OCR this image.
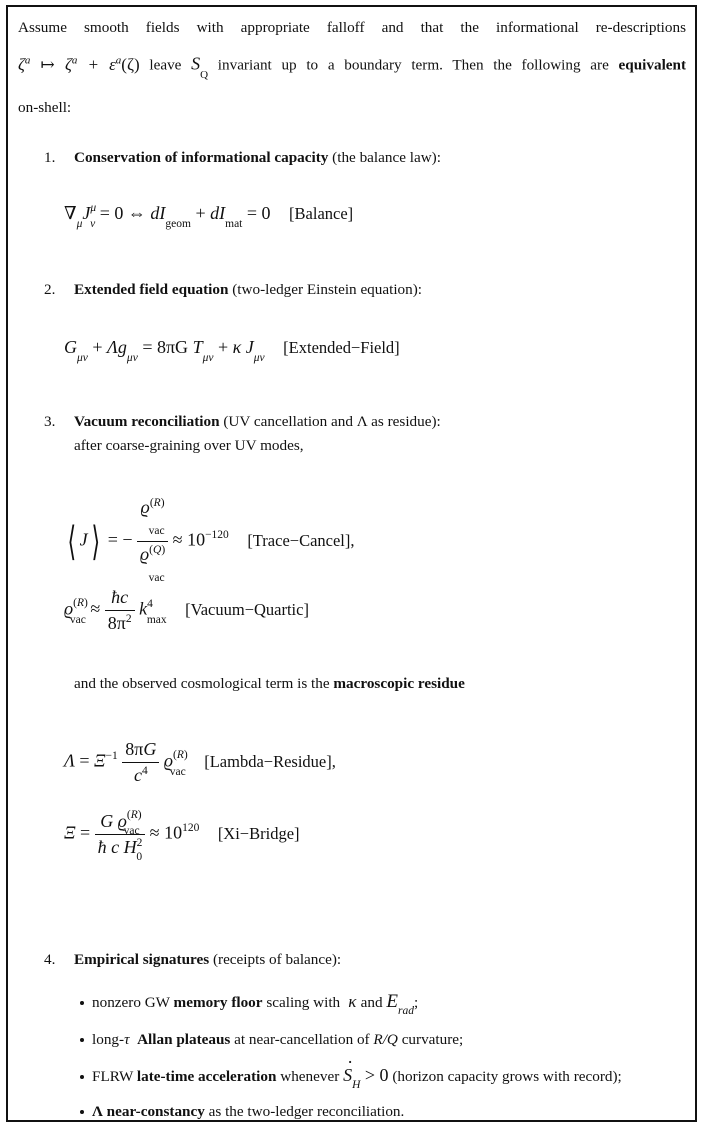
Assume smooth fields with appropriate falloff and that the informational re-descriptions
$\zeta^a$ ↦ $\zeta^a + \varepsilon^a(\zeta)$ leave $S_Q$ invariant up to a boundary term. Then the following are equivalent
on-shell:
1. Conservation of informational capacity (the balance law):
$\nabla_\mu J^\mu_\nu = 0$ ⇔ $dI_{geom} + dI_{mat} = 0$ [Balance]
2. Extended field equation (two-ledger Einstein equation):
$G_{\mu\nu} + \Lambda g_{\mu\nu} = 8\pi G$ $T_{\mu\nu} + \kappa$ $J_{\mu\nu}$ [Extended−Field]
3. Vacuum reconciliation (UV cancellation and Λ as residue):
after coarse-graining over UV modes,
⟨ J⟩ = −
$ϱ^{(R)}$
vac
$ϱ^{(Q)}$
vac
≈ $10^{-120}$ [Trace−Cancel],
$ϱ^{(R)}_{vac} \approx \frac{ħc}{8\pi^2} k^4_{max}$ [Vacuum−Quartic]
and the observed cosmological term is the macroscopic residue
$\Lambda = \Xi^{-1} \frac{8\pi G}{c^4} ϱ^{(R)}_{vac}$ [Lambda−Residue],
$\Xi = \frac{G ϱ^{(R)}_{vac}}{ħ c H^2_0} \approx 10^{120}$ [Xi−Bridge]
4. Empirical signatures (receipts of balance):
nonzero GW memory floor scaling with  κ and $E_{rad}$;
long-τ Allan plateaus at near-cancellation of R/Q curvature;
FLRW late-time acceleration whenever S
·
$_H$ > 0 (horizon capacity grows with record);
Λ near-constancy as the two-ledger reconciliation.
